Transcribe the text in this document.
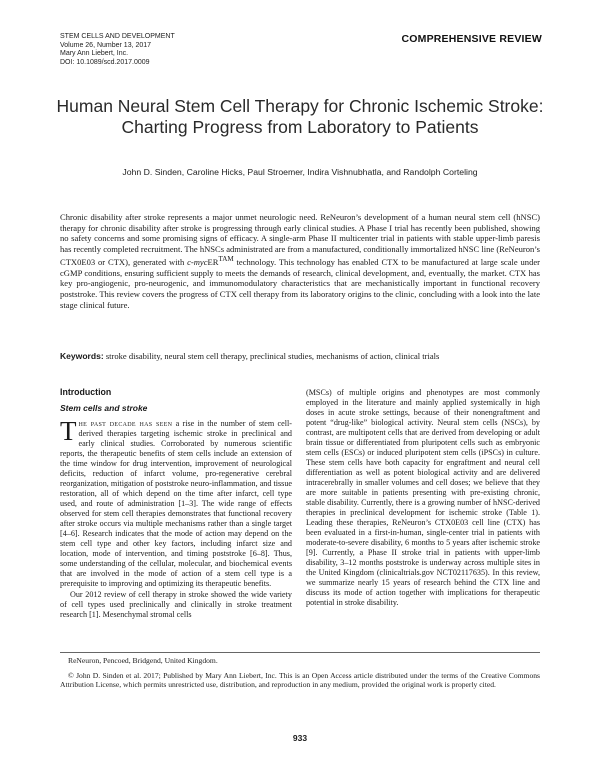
STEM CELLS AND DEVELOPMENT
Volume 26, Number 13, 2017
Mary Ann Liebert, Inc.
DOI: 10.1089/scd.2017.0009
COMPREHENSIVE REVIEW
Human Neural Stem Cell Therapy for Chronic Ischemic Stroke:
Charting Progress from Laboratory to Patients
John D. Sinden, Caroline Hicks, Paul Stroemer, Indira Vishnubhatla, and Randolph Corteling

Chronic disability after stroke represents a major unmet neurologic need. ReNeuron’s development of a human neural stem cell (hNSC) therapy for chronic disability after stroke is progressing through early clinical studies. A Phase I trial has recently been published, showing no safety concerns and some promising signs of efficacy. A single-arm Phase II multicenter trial in patients with stable upper-limb paresis has recently completed recruitment. The hNSCs administrated are from a manufactured, conditionally immortalized hNSC line (ReNeuron’s CTX0E03 or CTX), generated with c-mycER$^{TAM}$ technology. This technology has enabled CTX to be manufactured at large scale under cGMP conditions, ensuring sufficient supply to meets the demands of research, clinical development, and, eventually, the market. CTX has key pro-angiogenic, pro-neurogenic, and immunomodulatory characteristics that are mechanistically important in functional recovery poststroke. This review covers the progress of CTX cell therapy from its laboratory origins to the clinic, concluding with a look into the late stage clinical future.

Keywords: stroke disability, neural stem cell therapy, preclinical studies, mechanisms of action, clinical trials

Introduction
Stem cells and stroke

The past decade has seen a rise in the number of stem cell-derived therapies targeting ischemic stroke in preclinical and early clinical studies. Corroborated by numerous scientific reports, the therapeutic benefits of stem cells include an extension of the time window for drug intervention, improvement of neurological deficits, reduction of infarct volume, pro-regenerative cerebral reorganization, mitigation of poststroke neuro-inflammation, and tissue restoration, all of which depend on the time after infarct, cell type used, and route of administration [1–3]. The wide range of effects observed for stem cell therapies demonstrates that functional recovery after stroke occurs via multiple mechanisms rather than a single target [4–6]. Research indicates that the mode of action may depend on the stem cell type and other key factors, including infarct size and location, mode of intervention, and timing poststroke [6–8]. Thus, some understanding of the cellular, molecular, and biochemical events that are involved in the mode of action of a stem cell type is a prerequisite to improving and optimizing its therapeutic benefits.

Our 2012 review of cell therapy in stroke showed the wide variety of cell types used preclinically and clinically in stroke treatment research [1]. Mesenchymal stromal cells

(MSCs) of multiple origins and phenotypes are most commonly employed in the literature and mainly applied systemically in high doses in acute stroke settings, because of their nonengraftment and potent “drug-like” biological activity. Neural stem cells (NSCs), by contrast, are multipotent cells that are derived from developing or adult brain tissue or differentiated from pluripotent cells such as embryonic stem cells (ESCs) or induced pluripotent stem cells (iPSCs) in culture. These stem cells have both capacity for engraftment and neural cell differentiation as well as potent biological activity and are delivered intracerebrally in smaller volumes and cell doses; we believe that they are more suitable in patients presenting with pre-existing chronic, stable disability. Currently, there is a growing number of hNSC-derived therapies in preclinical development for ischemic stroke (Table 1). Leading these therapies, ReNeuron’s CTX0E03 cell line (CTX) has been evaluated in a first-in-human, single-center trial in patients with moderate-to-severe disability, 6 months to 5 years after ischemic stroke [9]. Currently, a Phase II stroke trial in patients with upper-limb disability, 3–12 months poststroke is underway across multiple sites in the United Kingdom (clinicaltrials.gov NCT02117635). In this review, we summarize nearly 15 years of research behind the CTX line and discuss its mode of action together with implications for therapeutic potential in stroke disability.

ReNeuron, Pencoed, Bridgend, United Kingdom.

© John D. Sinden et al. 2017; Published by Mary Ann Liebert, Inc. This is an Open Access article distributed under the terms of the Creative Commons Attribution License, which permits unrestricted use, distribution, and reproduction in any medium, provided the original work is properly cited.

933
